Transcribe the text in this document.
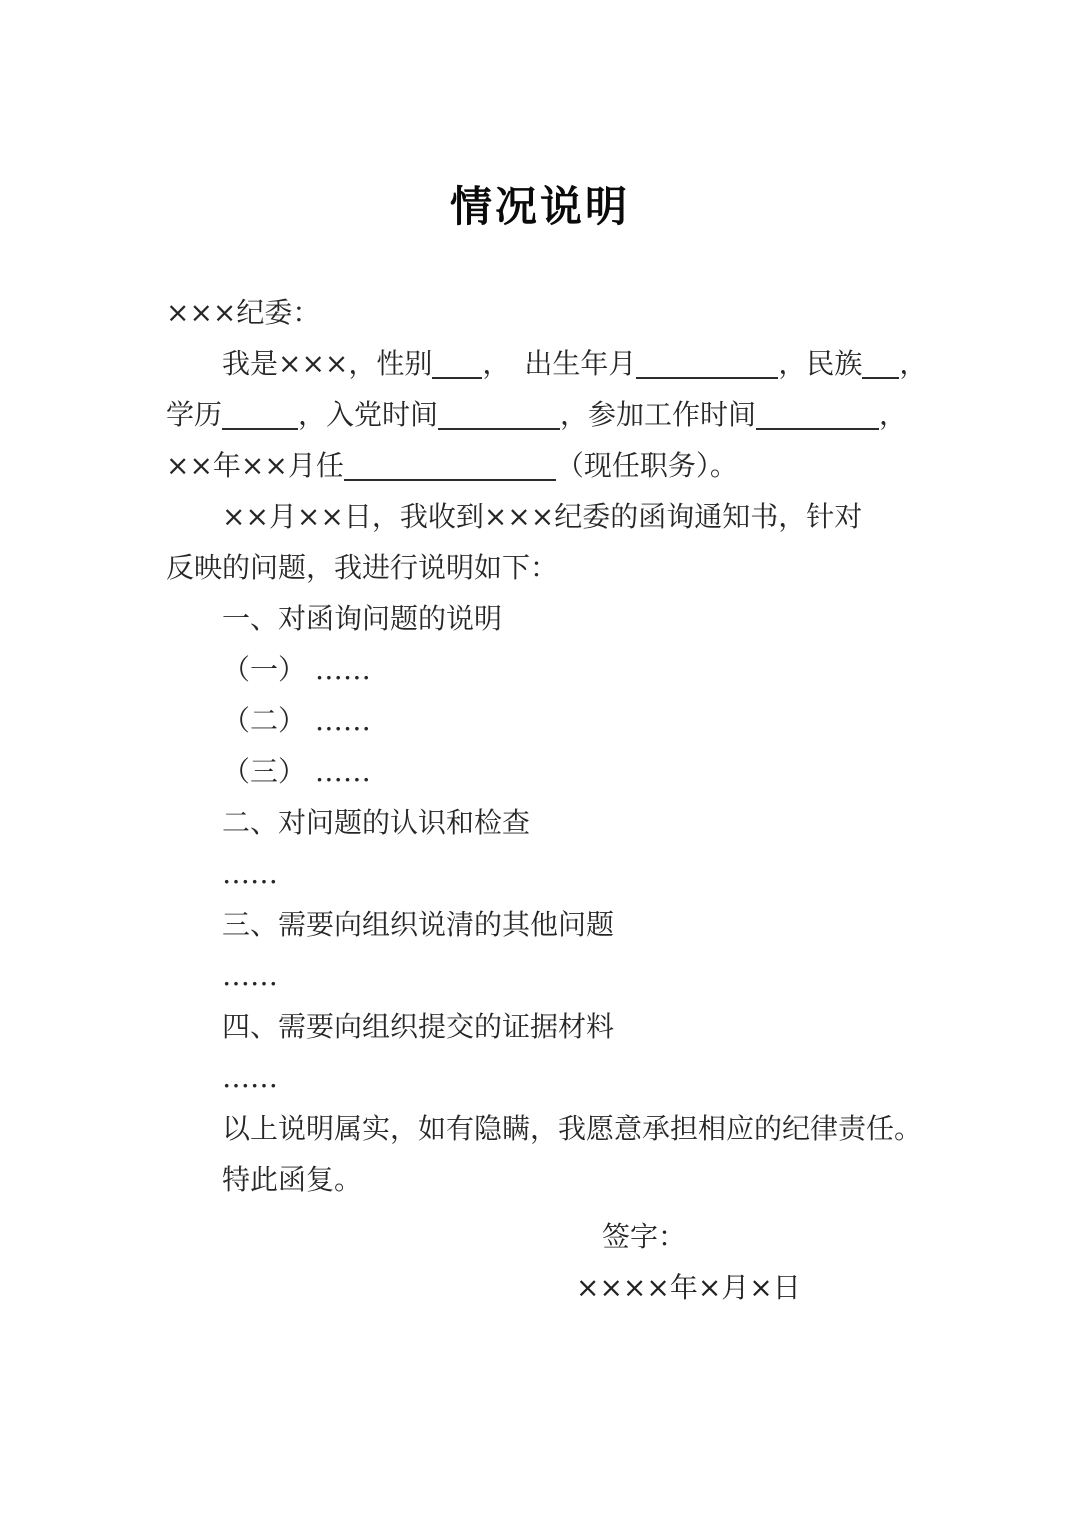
情况说明
×××纪委：
我是×××，性别 ，　出生年月	，民族 ，
学历	，入党时间	，参加工作时间	，
××年××月任	（现任职务）。
××月××日，我收到×××纪委的函询通知书，针对
反映的问题，我进行说明如下：
一、对函询问题的说明
（一） ……
（二） ……
（三） ……
二、对问题的认识和检查
……
三、需要向组织说清的其他问题
……
四、需要向组织提交的证据材料
……
以上说明属实，如有隐瞒，我愿意承担相应的纪律责任。
特此函复。
签字：
××××年×月×日
